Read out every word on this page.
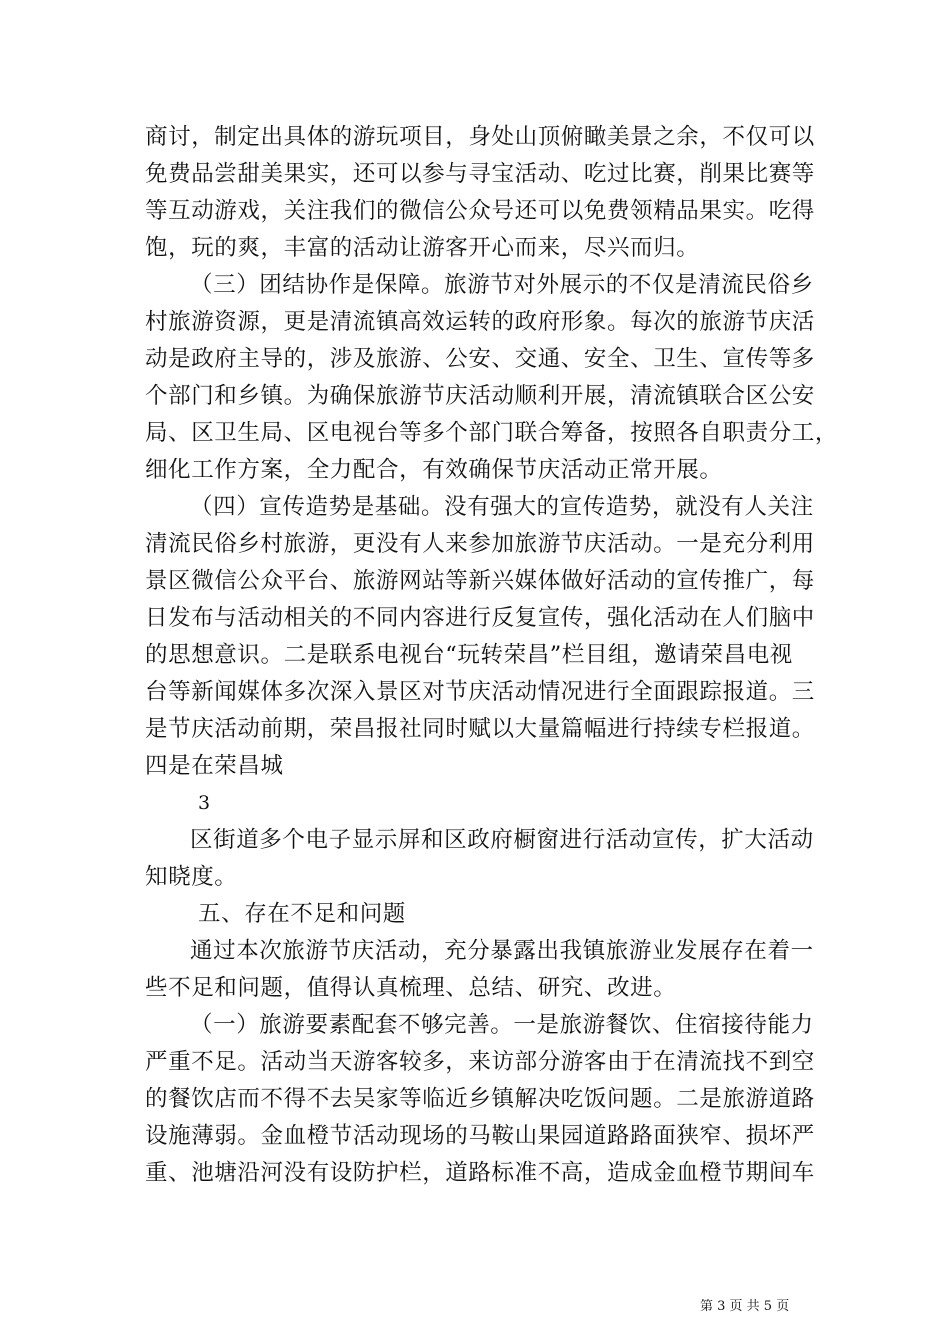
商讨，制定出具体的游玩项目，身处山顶俯瞰美景之余，不仅可以
免费品尝甜美果实，还可以参与寻宝活动、吃过比赛，削果比赛等
等互动游戏，关注我们的微信公众号还可以免费领精品果实。吃得
饱，玩的爽，丰富的活动让游客开心而来，尽兴而归。
（三）团结协作是保障。旅游节对外展示的不仅是清流民俗乡
村旅游资源，更是清流镇高效运转的政府形象。每次的旅游节庆活
动是政府主导的，涉及旅游、公安、交通、安全、卫生、宣传等多
个部门和乡镇。为确保旅游节庆活动顺利开展，清流镇联合区公安
局、区卫生局、区电视台等多个部门联合筹备，按照各自职责分工，
细化工作方案，全力配合，有效确保节庆活动正常开展。
（四）宣传造势是基础。没有强大的宣传造势，就没有人关注
清流民俗乡村旅游，更没有人来参加旅游节庆活动。一是充分利用
景区微信公众平台、旅游网站等新兴媒体做好活动的宣传推广，每
日发布与活动相关的不同内容进行反复宣传，强化活动在人们脑中
的思想意识。二是联系电视台“玩转荣昌”栏目组，邀请荣昌电视
台等新闻媒体多次深入景区对节庆活动情况进行全面跟踪报道。三
是节庆活动前期，荣昌报社同时赋以大量篇幅进行持续专栏报道。
四是在荣昌城
3
区街道多个电子显示屏和区政府橱窗进行活动宣传，扩大活动
知晓度。
五、存在不足和问题
通过本次旅游节庆活动，充分暴露出我镇旅游业发展存在着一
些不足和问题，值得认真梳理、总结、研究、改进。
（一）旅游要素配套不够完善。一是旅游餐饮、住宿接待能力
严重不足。活动当天游客较多，来访部分游客由于在清流找不到空
的餐饮店而不得不去吴家等临近乡镇解决吃饭问题。二是旅游道路
设施薄弱。金血橙节活动现场的马鞍山果园道路路面狭窄、损坏严
重、池塘沿河没有设防护栏，道路标准不高，造成金血橙节期间车
第 3 页 共 5 页
